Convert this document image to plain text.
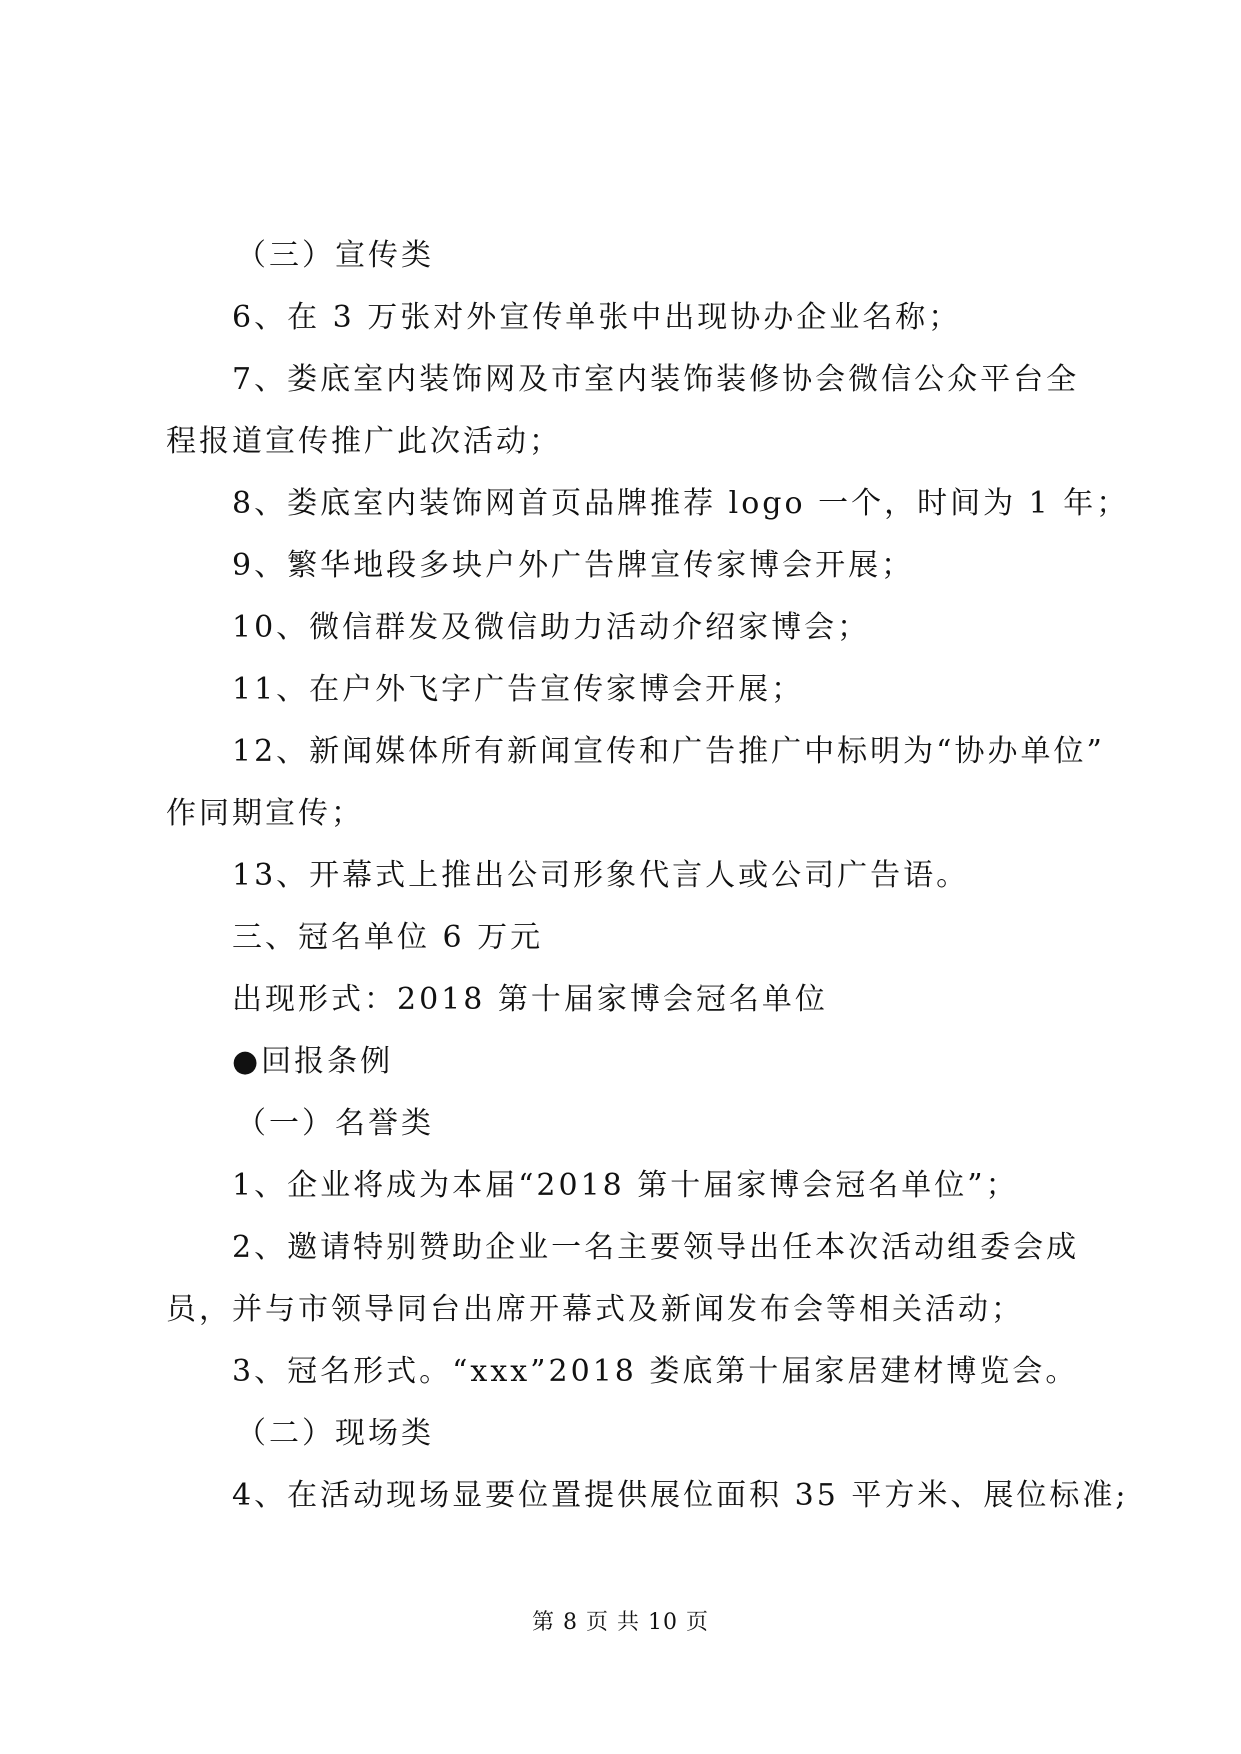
（三）宣传类
6、在 3 万张对外宣传单张中出现协办企业名称；
7、娄底室内装饰网及市室内装饰装修协会微信公众平台全
程报道宣传推广此次活动；
8、娄底室内装饰网首页品牌推荐 logo 一个，时间为 1 年；
9、繁华地段多块户外广告牌宣传家博会开展；
10、微信群发及微信助力活动介绍家博会；
11、在户外飞字广告宣传家博会开展；
12、新闻媒体所有新闻宣传和广告推广中标明为“协办单位”
作同期宣传；
13、开幕式上推出公司形象代言人或公司广告语。
三、冠名单位 6 万元
出现形式：2018 第十届家博会冠名单位
●回报条例
（一）名誉类
1、企业将成为本届“2018 第十届家博会冠名单位”；
2、邀请特别赞助企业一名主要领导出任本次活动组委会成
员，并与市领导同台出席开幕式及新闻发布会等相关活动；
3、冠名形式。“xxx”2018 娄底第十届家居建材博览会。
（二）现场类
4、在活动现场显要位置提供展位面积 35 平方米、展位标准;
第 8 页 共 10 页
